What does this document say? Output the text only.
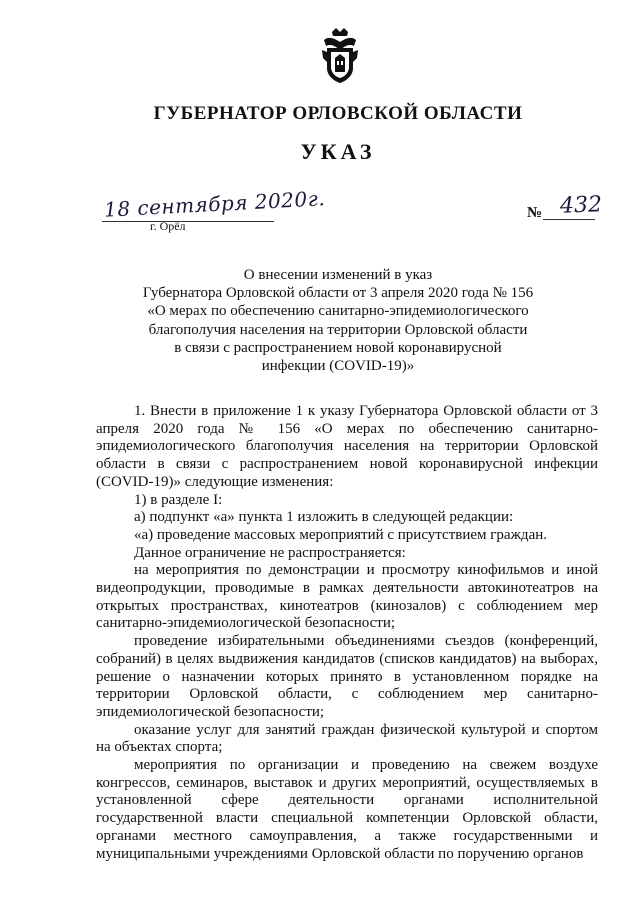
ГУБЕРНАТОР ОРЛОВСКОЙ ОБЛАСТИ
УКАЗ
18 сентября 2020г.
г. Орёл
№ 432
О внесении изменений в указ
Губернатора Орловской области от 3 апреля 2020 года № 156
«О мерах по обеспечению санитарно-эпидемиологического
благополучия населения на территории Орловской области
в связи с распространением новой коронавирусной
инфекции (COVID-19)»

1. Внести в приложение 1 к указу Губернатора Орловской области от 3 апреля 2020 года № 156 «О мерах по обеспечению санитарно-эпидемиологического благополучия населения на территории Орловской области в связи с распространением новой коронавирусной инфекции (COVID-19)» следующие изменения:

1) в разделе I:

а) подпункт «а» пункта 1 изложить в следующей редакции:

«а) проведение массовых мероприятий с присутствием граждан.

Данное ограничение не распространяется:

на мероприятия по демонстрации и просмотру кинофильмов и иной видеопродукции, проводимые в рамках деятельности автокинотеатров на открытых пространствах, кинотеатров (кинозалов) с соблюдением мер санитарно-эпидемиологической безопасности;

проведение избирательными объединениями съездов (конференций, собраний) в целях выдвижения кандидатов (списков кандидатов) на выборах, решение о назначении которых принято в установленном порядке на территории Орловской области, с соблюдением мер санитарно-эпидемиологической безопасности;

оказание услуг для занятий граждан физической культурой и спортом на объектах спорта;

мероприятия по организации и проведению на свежем воздухе конгрессов, семинаров, выставок и других мероприятий, осуществляемых в установленной сфере деятельности органами исполнительной государственной власти специальной компетенции Орловской области, органами местного самоуправления, а также государственными и муниципальными учреждениями Орловской области по поручению органов
